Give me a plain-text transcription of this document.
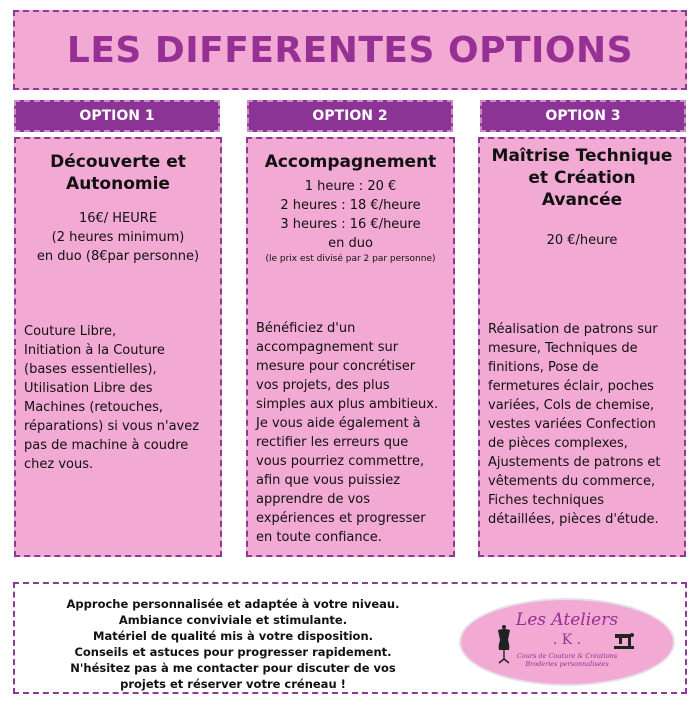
LES DIFFERENTES OPTIONS
OPTION 1	OPTION 2	OPTION 3
Découverte et
Autonomie
16€/ HEURE
(2 heures minimum)
en duo (8€par personne)
Couture Libre,
Initiation à la Couture
(bases essentielles),
Utilisation Libre des
Machines (retouches,
réparations) si vous n'avez
pas de machine à coudre
chez vous.
Accompagnement
1 heure : 20 €
2 heures : 18 €/heure
3 heures : 16 €/heure
en duo
(le prix est divisé par 2 par personne)
Bénéficiez d'un
accompagnement sur
mesure pour concrétiser
vos projets, des plus
simples aux plus ambitieux.
Je vous aide également à
rectifier les erreurs que
vous pourriez commettre,
afin que vous puissiez
apprendre de vos
expériences et progresser
en toute confiance.
Maîtrise Technique
et Création
Avancée
20 €/heure
Réalisation de patrons sur
mesure, Techniques de
finitions, Pose de
fermetures éclair, poches
variées, Cols de chemise,
vestes variées Confection
de pièces complexes,
Ajustements de patrons et
vêtements du commerce,
Fiches techniques
détaillées, pièces d'étude.
Approche personnalisée et adaptée à votre niveau.
Ambiance conviviale et stimulante.
Matériel de qualité mis à votre disposition.
Conseils et astuces pour progresser rapidement.
N'hésitez pas à me contacter pour discuter de vos
projets et réserver votre créneau !
Les Ateliers
. K .
Cours de Couture & Créations
Broderies personnalisées
